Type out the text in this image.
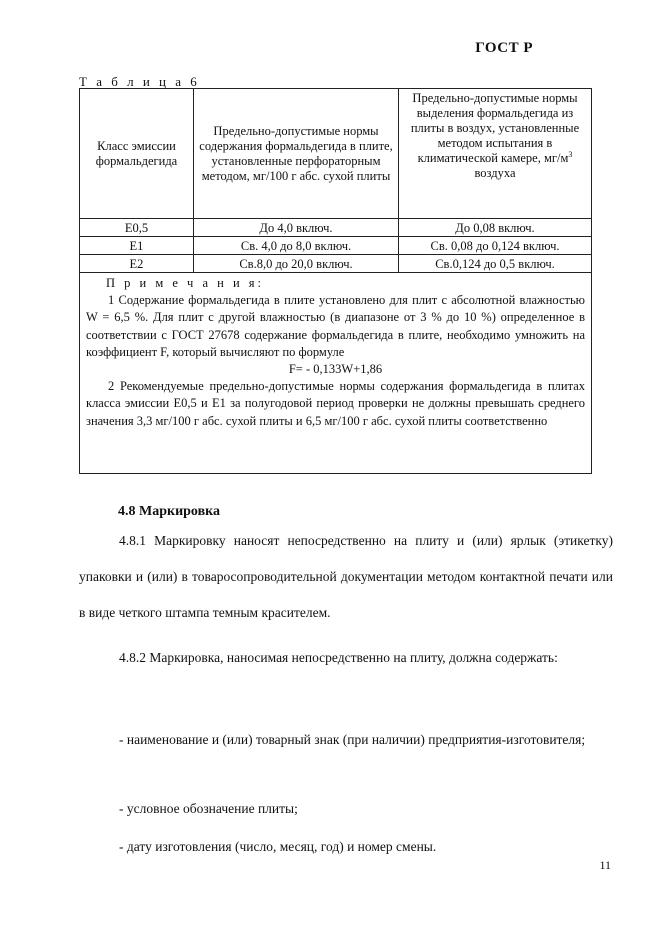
ГОСТ Р
Т а б л и ц а 6
Класс эмиссии формальдегида	Предельно-допустимые нормы содержания формальдегида в плите, установленные перфораторным методом, мг/100 г абс. сухой плиты	Предельно-допустимые нормы выделения формальдегида из плиты в воздух, установленные методом испытания в климатической камере, $мг/м^3$ воздуха
Е0,5	До 4,0 включ.	До 0,08 включ.
Е1	Св. 4,0 до 8,0 включ.	Св. 0,08 до 0,124 включ.
Е2	Св.8,0 до 20,0 включ.	Св.0,124 до 0,5 включ.

П р и м е ч а н и я:

1 Содержание формальдегида в плите установлено для плит с абсолютной влажностью W = 6,5 %. Для плит с другой влажностью (в диапазоне от 3 % до 10 %) определенное в соответствии с ГОСТ 27678 содержание формальдегида в плите, необходимо умножить на коэффициент F, который вычисляют по формуле

F= - 0,133W+1,86

2 Рекомендуемые предельно-допустимые нормы содержания формальдегида в плитах класса эмиссии Е0,5 и Е1 за полугодовой период проверки не должны превышать среднего значения 3,3 мг/100 г абс. сухой плиты и 6,5 мг/100 г абс. сухой плиты соответственно		

4.8 Маркировка
4.8.1 Маркировку наносят непосредственно на плиту и (или) ярлык (этикетку) упаковки и (или) в товаросопроводительной документации методом контактной печати или в виде четкого штампа темным красителем.
4.8.2 Маркировка, наносимая непосредственно на плиту, должна содержать:
- наименование и (или) товарный знак (при наличии) предприятия-изготовителя;
- условное обозначение плиты;
- дату изготовления (число, месяц, год) и номер смены.
11
